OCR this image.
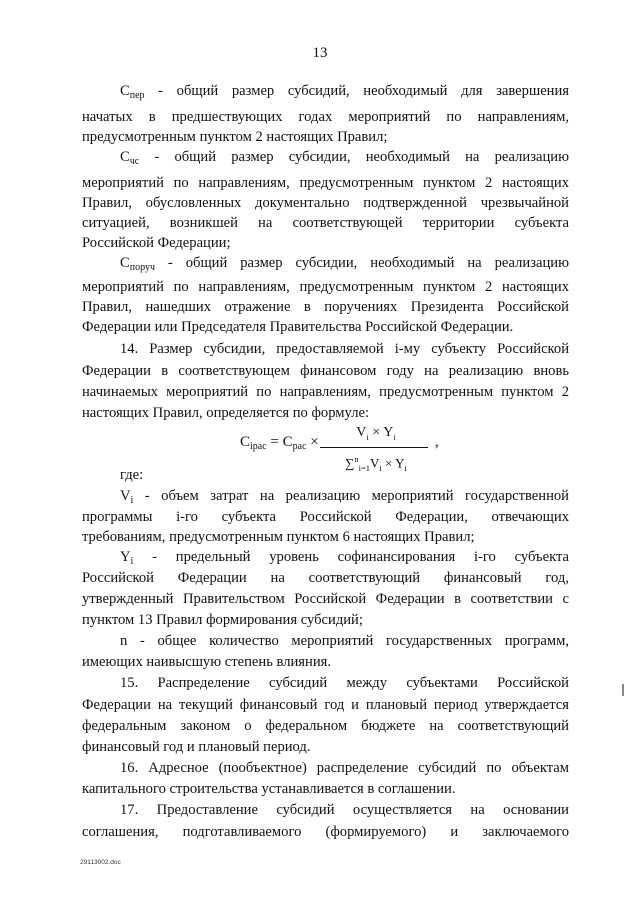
13
$С_{пер}$ - общий размер субсидий, необходимый для завершения
начатых в предшествующих годах мероприятий по направлениям,
предусмотренным пунктом 2 настоящих Правил;
$С_{чс}$ - общий размер субсидии, необходимый на реализацию
мероприятий по направлениям, предусмотренным пунктом 2 настоящих
Правил, обусловленных документально подтвержденной чрезвычайной
ситуацией, возникшей на соответствующей территории субъекта
Российской Федерации;
$С_{поруч}$ - общий размер субсидии, необходимый на реализацию
мероприятий по направлениям, предусмотренным пунктом 2 настоящих
Правил, нашедших отражение в поручениях Президента Российской
Федерации или Председателя Правительства Российской Федерации.
14. Размер субсидии, предоставляемой i-му субъекту Российской
Федерации в соответствующем финансовом году на реализацию вновь
начинаемых мероприятий по направлениям, предусмотренным пунктом 2
настоящих Правил, определяется по формуле:
$С_{ipac} = С_{pac}$ ×
$V_i \times Y_i$
$\sum^n_{i=1}V_i \times Y_i$
,
где:
$V_i$ - объем затрат на реализацию мероприятий государственной
программы i-го субъекта Российской Федерации, отвечающих
требованиям, предусмотренным пунктом 6 настоящих Правил;
$Y_i$ - предельный уровень софинансирования i-го субъекта
Российской Федерации на соответствующий финансовый год,
утвержденный Правительством Российской Федерации в соответствии с
пунктом 13 Правил формирования субсидий;
n - общее количество мероприятий государственных программ,
имеющих наивысшую степень влияния.
15. Распределение субсидий между субъектами Российской
Федерации на текущий финансовый год и плановый период утверждается
федеральным законом о федеральном бюджете на соответствующий
финансовый год и плановый период.
16. Адресное (пообъектное) распределение субсидий по объектам
капитального строительства устанавливается в соглашении.
17. Предоставление субсидий осуществляется на основании
соглашения, подготавливаемого (формируемого) и заключаемого
29113002.doc
